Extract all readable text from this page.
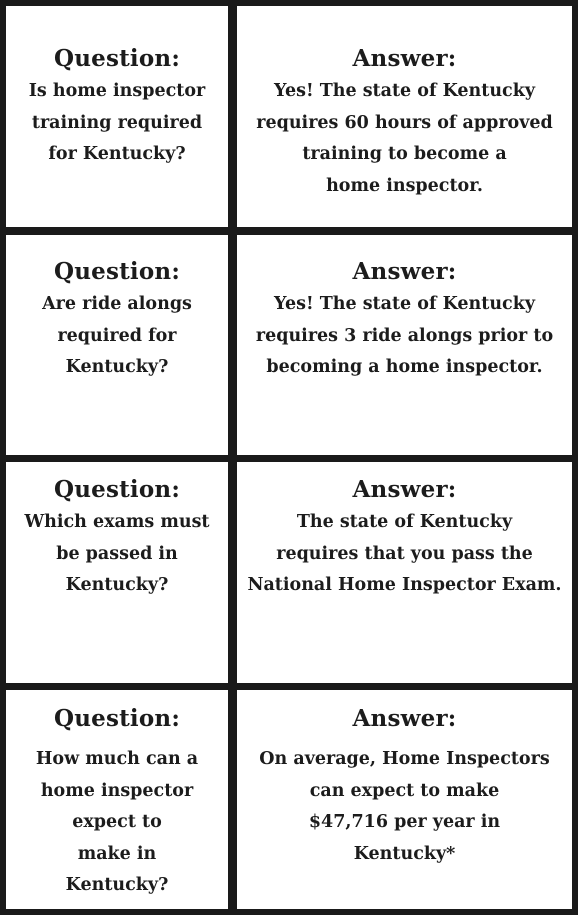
Question:
Is home inspector
training required
for Kentucky?
Answer:
Yes! The state of Kentucky
requires 60 hours of approved
training to become a
home inspector.
Question:
Are ride alongs
required for
Kentucky?
Answer:
Yes! The state of Kentucky
requires 3 ride alongs prior to
becoming a home inspector.
Question:
Which exams must
be passed in
Kentucky?
Answer:
The state of Kentucky
requires that you pass the
National Home Inspector Exam.
Question:
How much can a
home inspector
expect to
make in
Kentucky?
Answer:
On average, Home Inspectors
can expect to make
$47,716 per year in
Kentucky*
